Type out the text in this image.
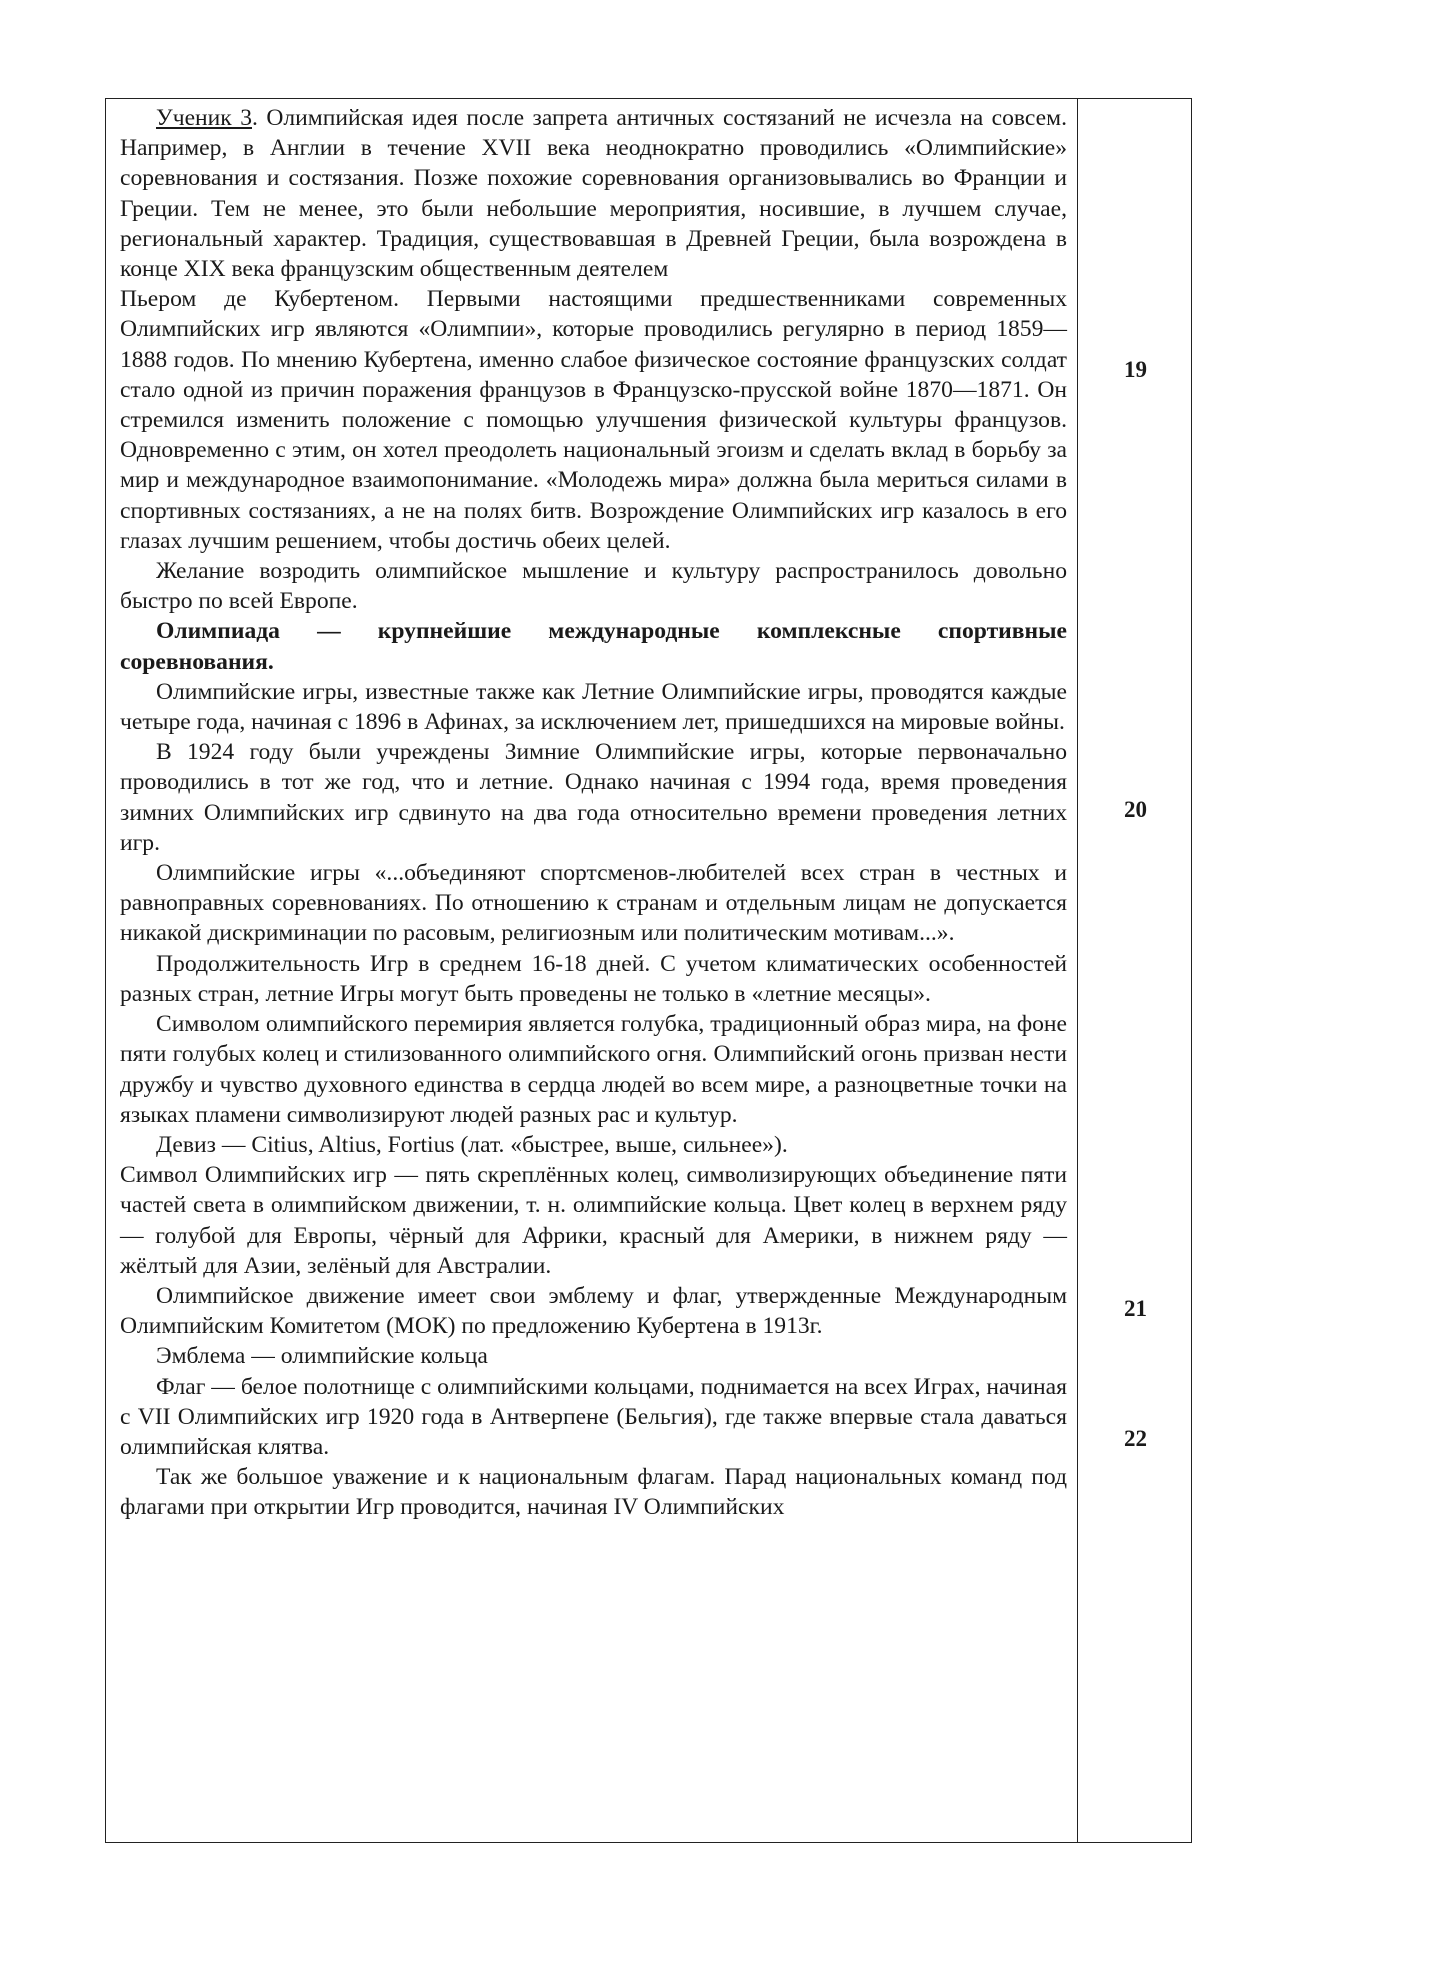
Ученик 3. Олимпийская идея после запрета античных состязаний не исчезла на совсем. Например, в Англии в течение XVII века неоднократно проводились «Олимпийские» соревнования и состязания. Позже похожие соревнования организовывались во Франции и Греции. Тем не менее, это были небольшие мероприятия, носившие, в лучшем случае, региональный характер. Традиция, существовавшая в Древней Греции, была возрождена в конце XIX века французским общественным деятелем

Пьером де Кубертеном. Первыми настоящими предшественниками современных Олимпийских игр являются «Олимпии», которые проводились регулярно в период 1859—1888 годов. По мнению Кубертена, именно слабое физическое состояние французских солдат стало одной из причин поражения французов в Французско-прусской войне 1870—1871. Он стремился изменить положение с помощью улучшения физической культуры французов. Одновременно с этим, он хотел преодолеть национальный эгоизм и сделать вклад в борьбу за мир и международное взаимопонимание. «Молодежь мира» должна была мериться силами в спортивных состязаниях, а не на полях битв. Возрождение Олимпийских игр казалось в его глазах лучшим решением, чтобы достичь обеих целей.

Желание возродить олимпийское мышление и культуру распространилось довольно быстро по всей Европе.

Олимпиада — крупнейшие международные комплексные спортивные соревнования.

Олимпийские игры, известные также как Летние Олимпийские игры, проводятся каждые четыре года, начиная с 1896 в Афинах, за исключением лет, пришедшихся на мировые войны.

В 1924 году были учреждены Зимние Олимпийские игры, которые первоначально проводились в тот же год, что и летние. Однако начиная с 1994 года, время проведения зимних Олимпийских игр сдвинуто на два года относительно времени проведения летних игр.

Олимпийские игры «...объединяют спортсменов-любителей всех стран в честных и равноправных соревнованиях. По отношению к странам и отдельным лицам не допускается никакой дискриминации по расовым, религиозным или политическим мотивам...».

Продолжительность Игр в среднем 16-18 дней. С учетом климатических особенностей разных стран, летние Игры могут быть проведены не только в «летние месяцы».

Символом олимпийского перемирия является голубка, традиционный образ мира, на фоне пяти голубых колец и стилизованного олимпийского огня. Олимпийский огонь призван нести дружбу и чувство духовного единства в сердца людей во всем мире, а разноцветные точки на языках пламени символизируют людей разных рас и культур.

Девиз — Citius, Altius, Fortius (лат. «быстрее, выше, сильнее»).

Символ Олимпийских игр — пять скреплённых колец, символизирующих объединение пяти частей света в олимпийском движении, т. н. олимпийские кольца. Цвет колец в верхнем ряду — голубой для Европы, чёрный для Африки, красный для Америки, в нижнем ряду — жёлтый для Азии, зелёный для Австралии.

Олимпийское движение имеет свои эмблему и флаг, утвержденные Международным Олимпийским Комитетом (МОК) по предложению Кубертена в 1913г.

Эмблема — олимпийские кольца

Флаг — белое полотнище с олимпийскими кольцами, поднимается на всех Играх, начиная с VII Олимпийских игр 1920 года в Антверпене (Бельгия), где также впервые стала даваться олимпийская клятва.

Так же большое уважение и к национальным флагам. Парад национальных команд под флагами при открытии Игр проводится, начиная IV Олимпийских

19
20
21
22
